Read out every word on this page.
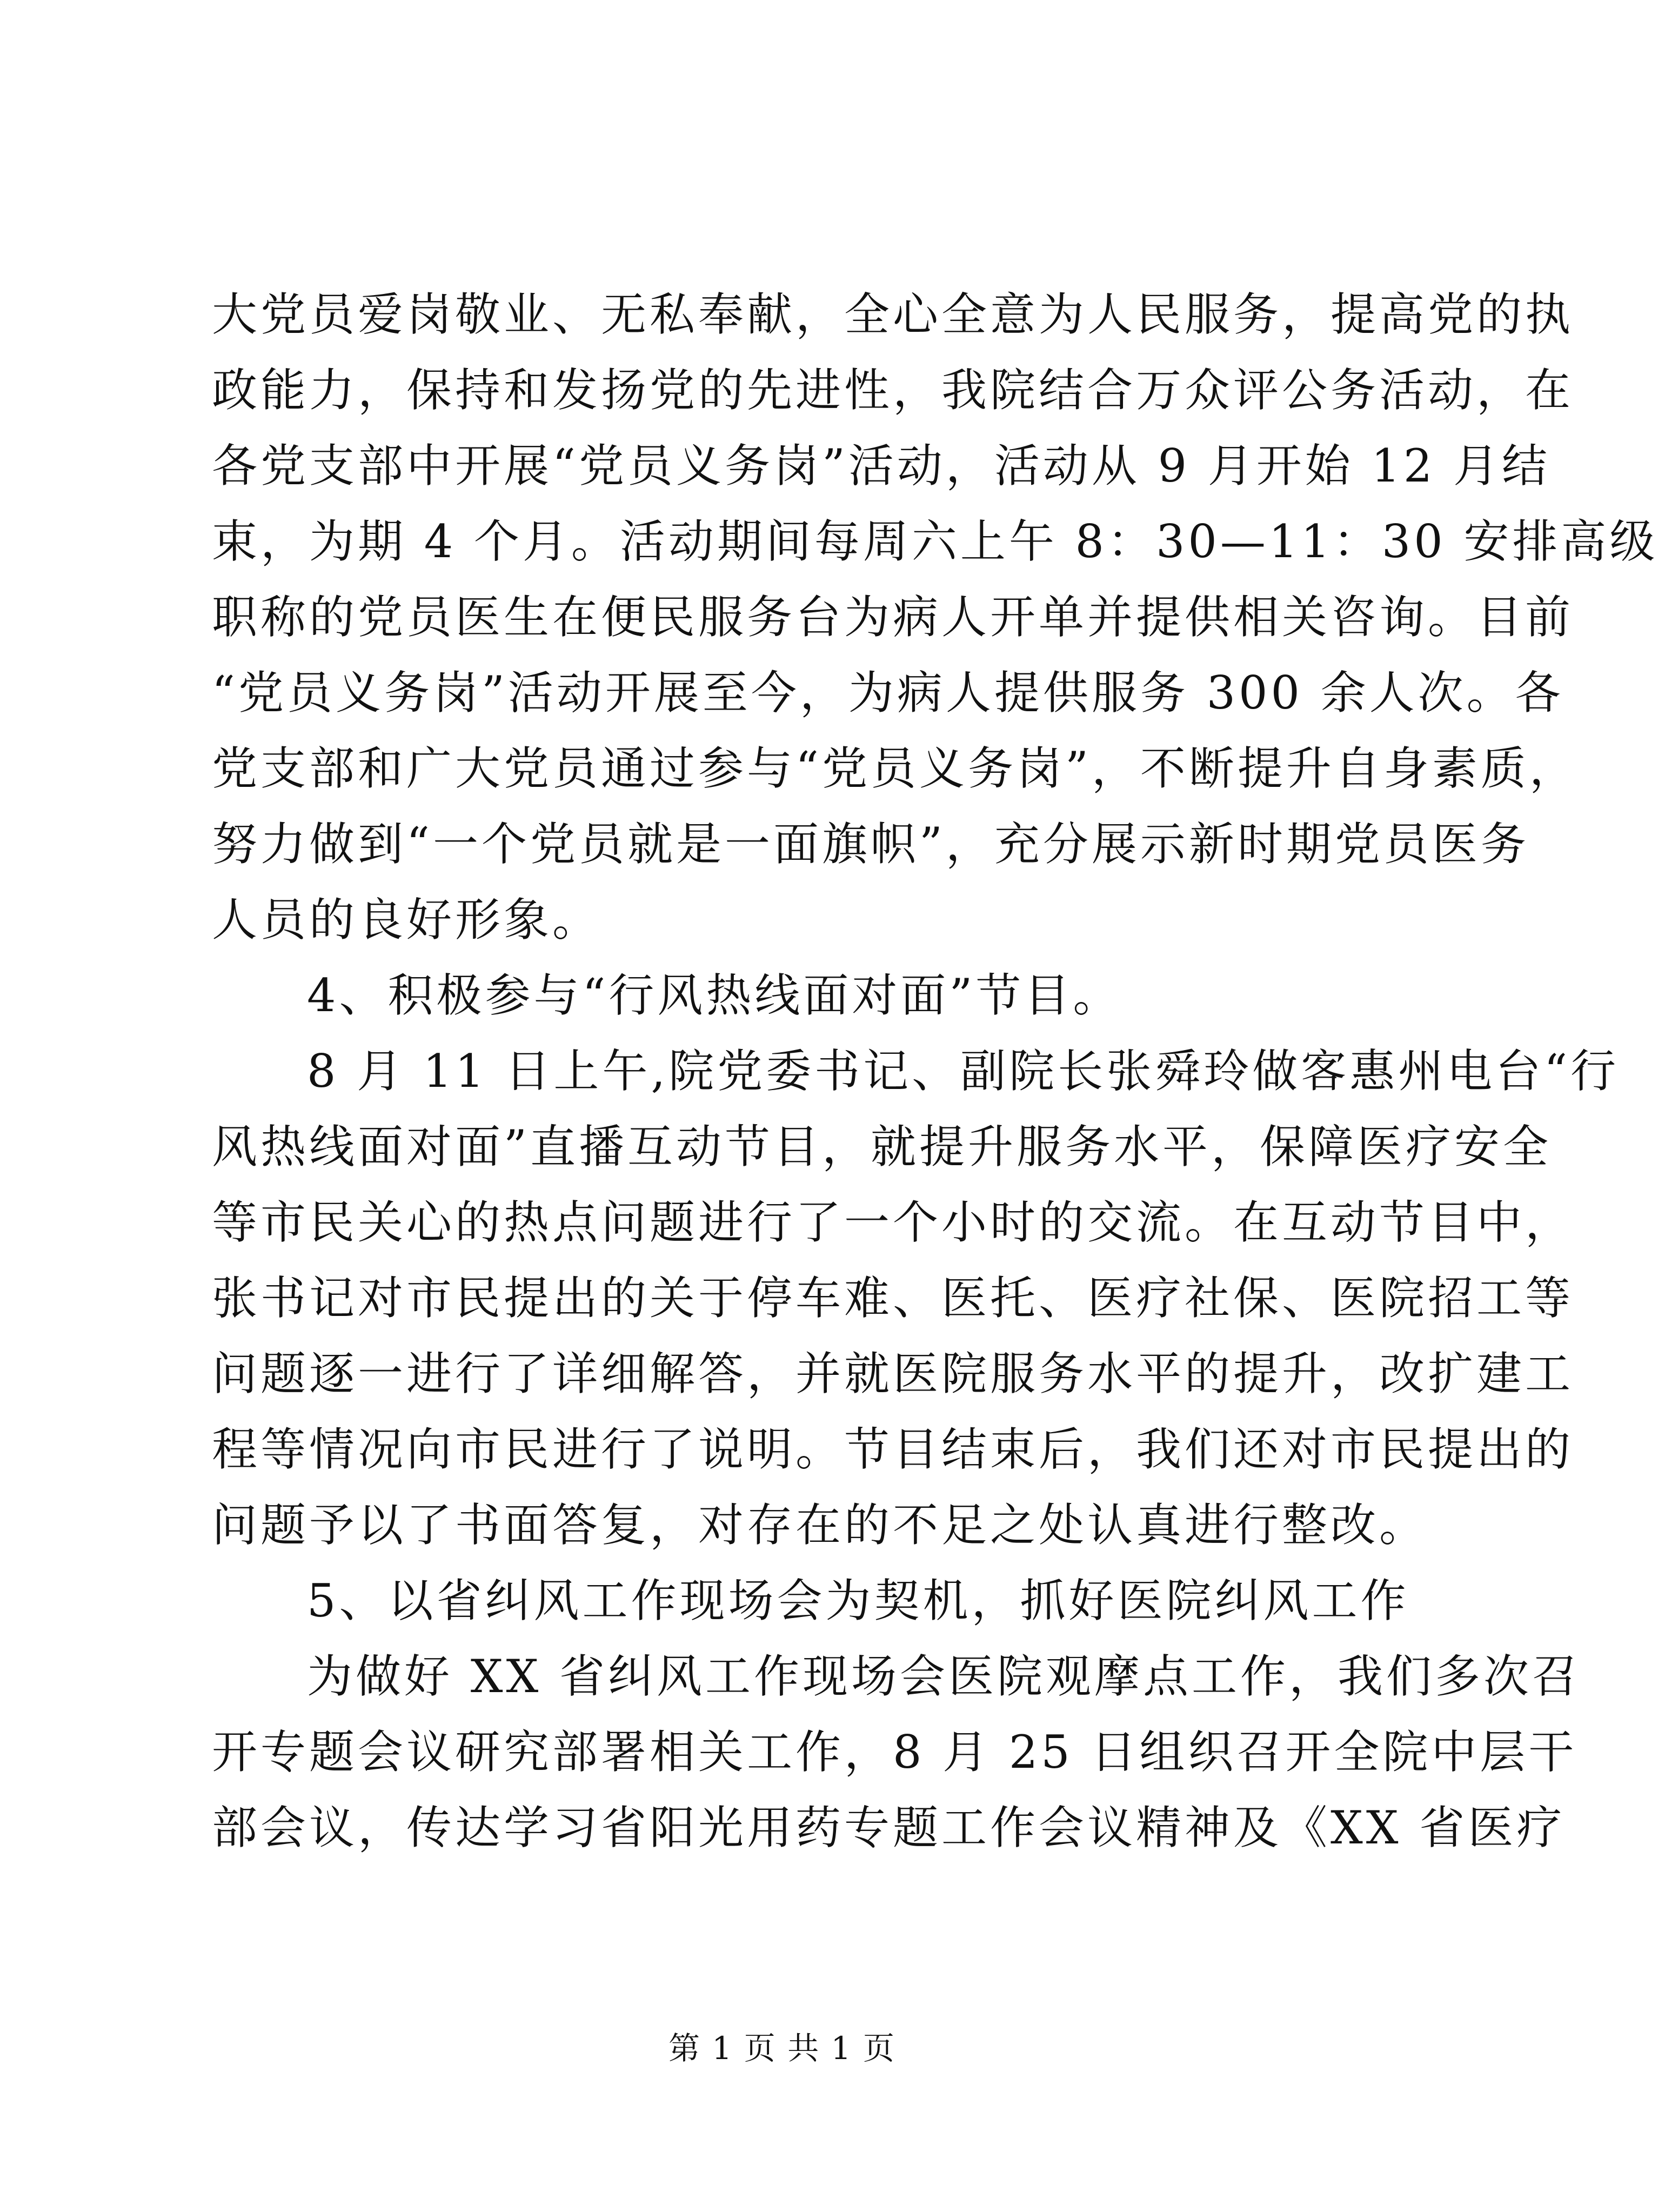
大党员爱岗敬业、无私奉献，全心全意为人民服务，提高党的执
政能力，保持和发扬党的先进性，我院结合万众评公务活动，在
各党支部中开展“党员义务岗”活动，活动从 9 月开始 12 月结
束，为期 4 个月。活动期间每周六上午 8：30—11：30 安排高级
职称的党员医生在便民服务台为病人开单并提供相关咨询。目前
“党员义务岗”活动开展至今，为病人提供服务 300 余人次。各
党支部和广大党员通过参与“党员义务岗”，不断提升自身素质，
努力做到“一个党员就是一面旗帜”，充分展示新时期党员医务
人员的良好形象。
4、积极参与“行风热线面对面”节目。
8 月 11 日上午,院党委书记、副院长张舜玲做客惠州电台“行
风热线面对面”直播互动节目，就提升服务水平，保障医疗安全
等市民关心的热点问题进行了一个小时的交流。在互动节目中，
张书记对市民提出的关于停车难、医托、医疗社保、医院招工等
问题逐一进行了详细解答，并就医院服务水平的提升，改扩建工
程等情况向市民进行了说明。节目结束后，我们还对市民提出的
问题予以了书面答复，对存在的不足之处认真进行整改。
5、以省纠风工作现场会为契机，抓好医院纠风工作
为做好 XX 省纠风工作现场会医院观摩点工作，我们多次召
开专题会议研究部署相关工作，8 月 25 日组织召开全院中层干
部会议，传达学习省阳光用药专题工作会议精神及《XX 省医疗
第 1 页 共 1 页
